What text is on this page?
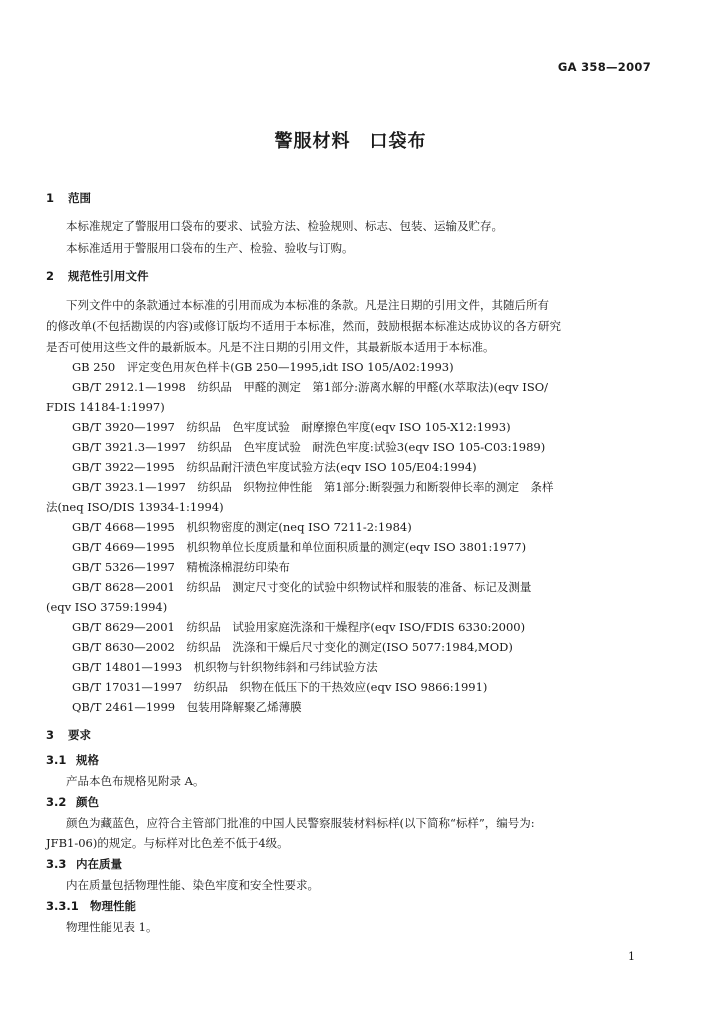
GA 358—2007
警服材料　口袋布
1 范围
本标准规定了警服用口袋布的要求、试验方法、检验规则、标志、包装、运输及贮存。
本标准适用于警服用口袋布的生产、检验、验收与订购。
2 规范性引用文件
下列文件中的条款通过本标准的引用而成为本标准的条款。凡是注日期的引用文件，其随后所有
的修改单(不包括勘误的内容)或修订版均不适用于本标准，然而，鼓励根据本标准达成协议的各方研究
是否可使用这些文件的最新版本。凡是不注日期的引用文件，其最新版本适用于本标准。
GB 250　评定变色用灰色样卡(GB 250—1995,idt ISO 105/A02:1993)
GB/T 2912.1—1998　纺织品　甲醛的测定　第1部分:游离水解的甲醛(水萃取法)(eqv ISO/
FDIS 14184-1:1997)
GB/T 3920—1997　纺织品　色牢度试验　耐摩擦色牢度(eqv ISO 105-X12:1993)
GB/T 3921.3—1997　纺织品　色牢度试验　耐洗色牢度:试验3(eqv ISO 105-C03:1989)
GB/T 3922—1995　纺织品耐汗渍色牢度试验方法(eqv ISO 105/E04:1994)
GB/T 3923.1—1997　纺织品　织物拉伸性能　第1部分:断裂强力和断裂伸长率的测定　条样
法(neq ISO/DIS 13934-1:1994)
GB/T 4668—1995　机织物密度的测定(neq ISO 7211-2:1984)
GB/T 4669—1995　机织物单位长度质量和单位面积质量的测定(eqv ISO 3801:1977)
GB/T 5326—1997　精梳涤棉混纺印染布
GB/T 8628—2001　纺织品　测定尺寸变化的试验中织物试样和服装的准备、标记及测量
(eqv ISO 3759:1994)
GB/T 8629—2001　纺织品　试验用家庭洗涤和干燥程序(eqv ISO/FDIS 6330:2000)
GB/T 8630—2002　纺织品　洗涤和干燥后尺寸变化的测定(ISO 5077:1984,MOD)
GB/T 14801—1993　机织物与针织物纬斜和弓纬试验方法
GB/T 17031—1997　纺织品　织物在低压下的干热效应(eqv ISO 9866:1991)
QB/T 2461—1999　包装用降解聚乙烯薄膜
3 要求
3.1 规格
产品本色布规格见附录 A。
3.2 颜色
颜色为藏蓝色，应符合主管部门批准的中国人民警察服装材料标样(以下简称“标样”，编号为:
JFB1-06)的规定。与标样对比色差不低于4级。
3.3 内在质量
内在质量包括物理性能、染色牢度和安全性要求。
3.3.1 物理性能
物理性能见表 1。
1
